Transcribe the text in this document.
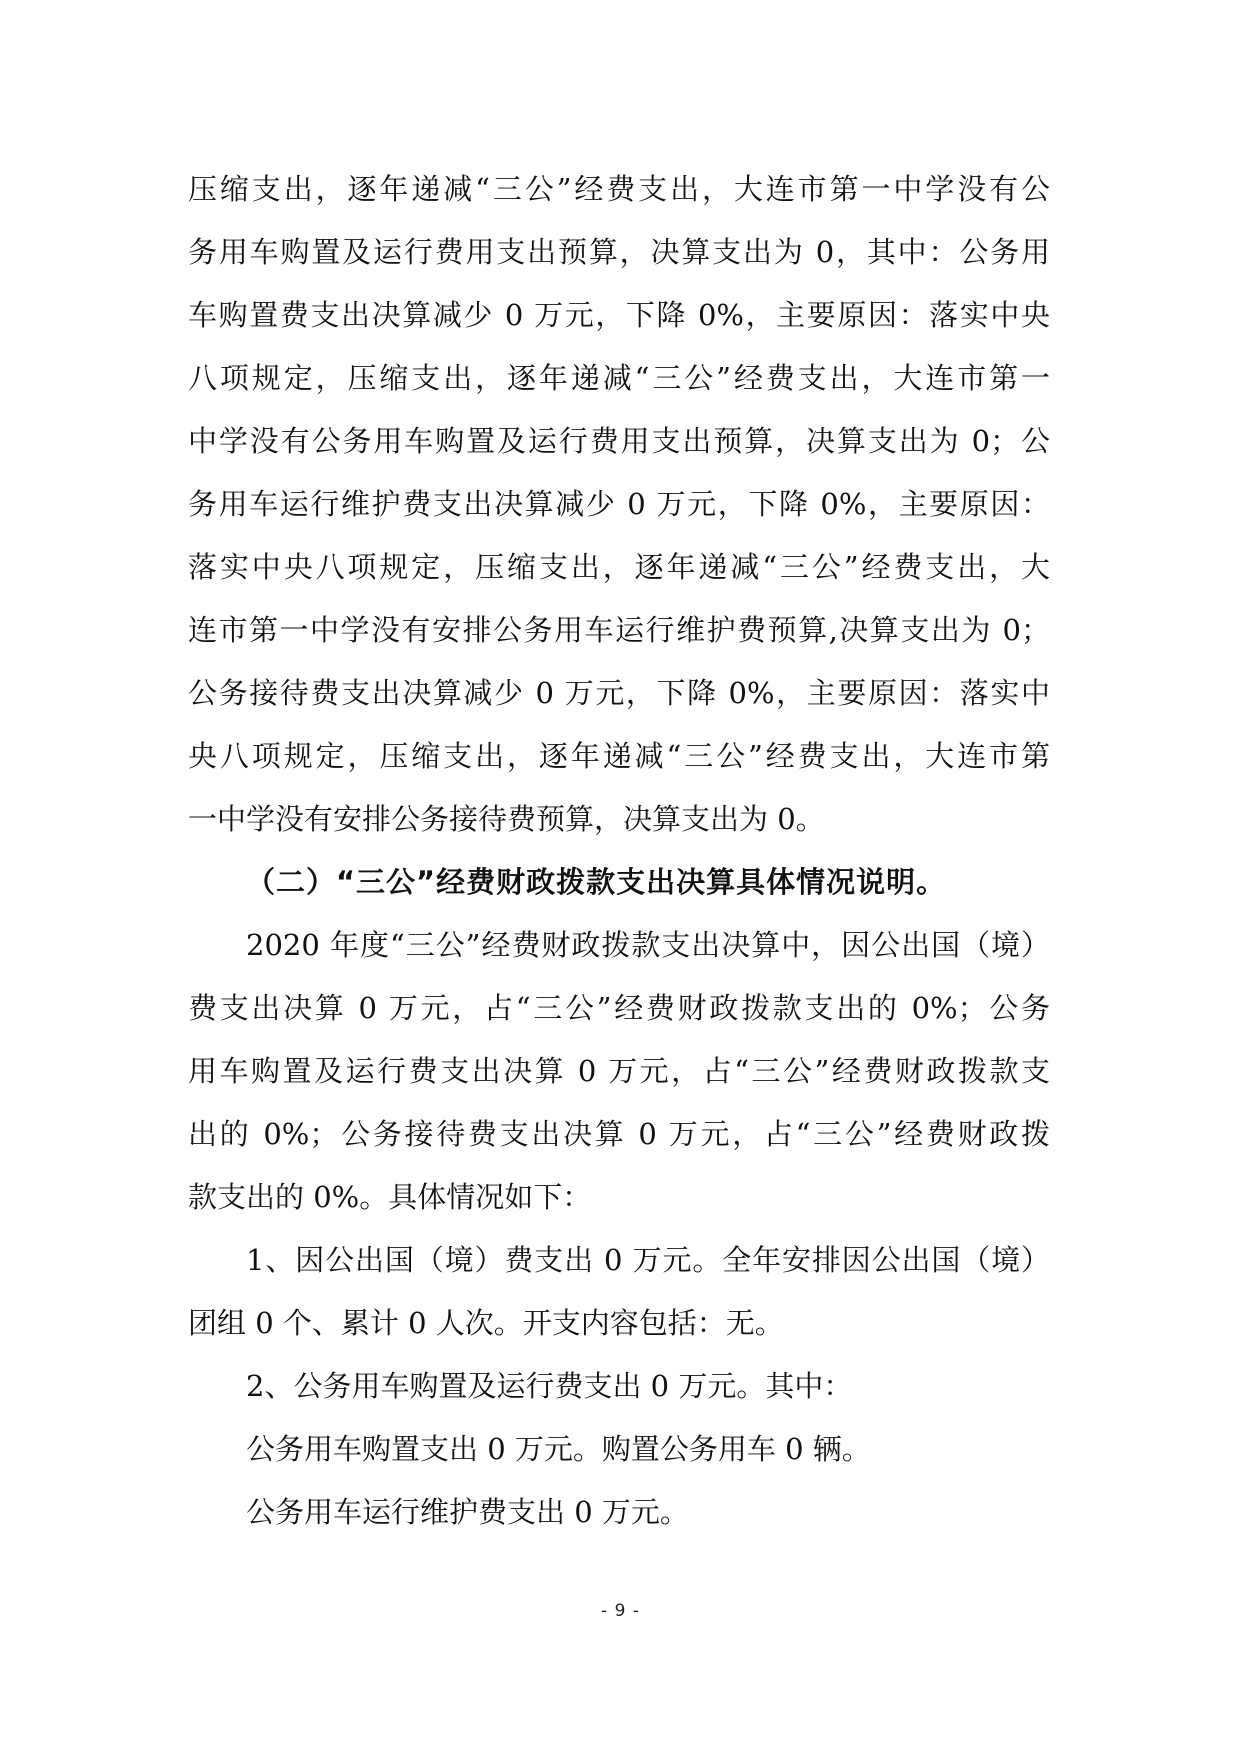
压缩支出，逐年递减“三公”经费支出，大连市第一中学没有公
务用车购置及运行费用支出预算，决算支出为 0，其中：公务用
车购置费支出决算减少 0 万元，下降 0%，主要原因：落实中央
八项规定，压缩支出，逐年递减“三公”经费支出，大连市第一
中学没有公务用车购置及运行费用支出预算，决算支出为 0；公
务用车运行维护费支出决算减少 0 万元，下降 0%，主要原因：
落实中央八项规定，压缩支出，逐年递减“三公”经费支出，大
连市第一中学没有安排公务用车运行维护费预算,决算支出为 0；
公务接待费支出决算减少 0 万元，下降 0%，主要原因：落实中
央八项规定，压缩支出，逐年递减“三公”经费支出，大连市第
一中学没有安排公务接待费预算，决算支出为 0。
（二）“三公”经费财政拨款支出决算具体情况说明。
2020 年度“三公”经费财政拨款支出决算中，因公出国（境）
费支出决算 0 万元，占“三公”经费财政拨款支出的 0%；公务
用车购置及运行费支出决算 0 万元，占“三公”经费财政拨款支
出的 0%；公务接待费支出决算 0 万元，占“三公”经费财政拨
款支出的 0%。具体情况如下：
1、因公出国（境）费支出 0 万元。全年安排因公出国（境）
团组 0 个、累计 0 人次。开支内容包括：无。
2、公务用车购置及运行费支出 0 万元。其中：
公务用车购置支出 0 万元。购置公务用车 0 辆。
公务用车运行维护费支出 0 万元。
- 9 -
